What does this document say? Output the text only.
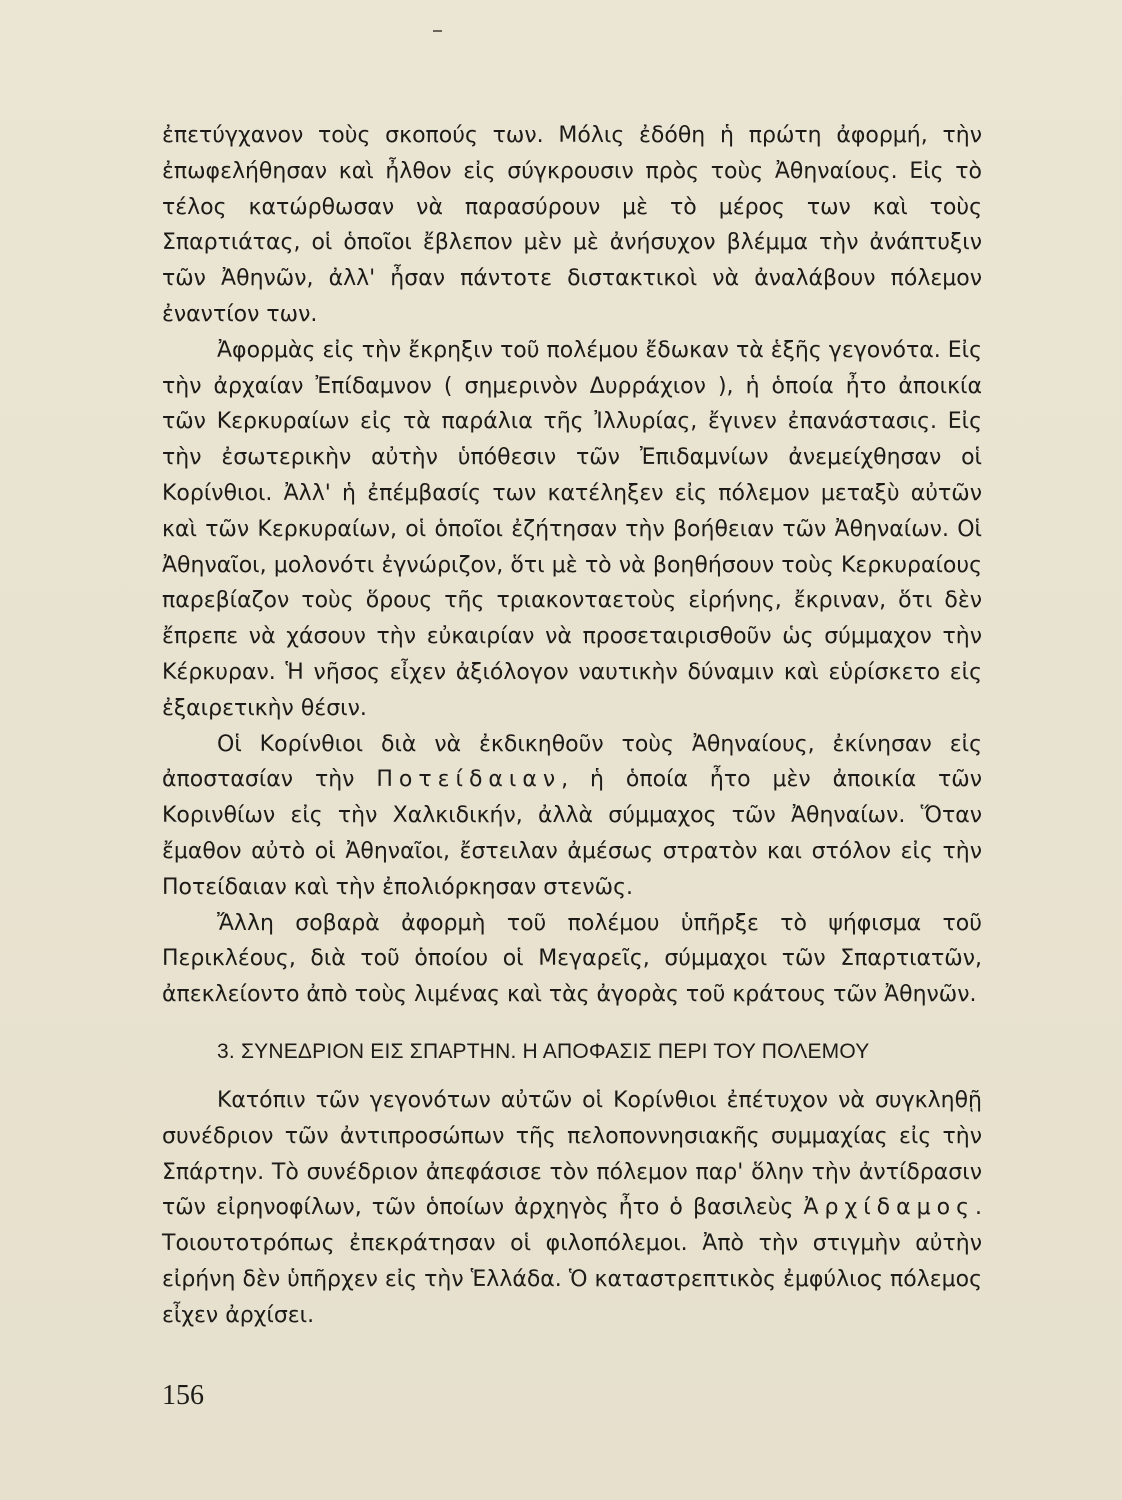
ἐπετύγχανον τοὺς σκοπούς των. Μόλις ἐδόθη ἡ πρώτη ἀφορμή, τὴν ἐπωφελήθησαν καὶ ἦλθον εἰς σύγκρουσιν πρὸς τοὺς Ἀθηναίους. Εἰς τὸ τέλος κατώρθωσαν νὰ παρασύρουν μὲ τὸ μέρος των καὶ τοὺς Σπαρτιάτας, οἱ ὁποῖοι ἔβλεπον μὲν μὲ ἀνήσυχον βλέμμα τὴν ἀνάπτυξιν τῶν Ἀθηνῶν, ἀλλ' ἦσαν πάντοτε διστακτικοὶ νὰ ἀναλάβουν πόλεμον ἐναντίον των.

Ἀφορμὰς εἰς τὴν ἔκρηξιν τοῦ πολέμου ἔδωκαν τὰ ἑξῆς γεγονότα. Εἰς τὴν ἀρχαίαν Ἐπίδαμνον ( σημερινὸν Δυρράχιον ), ἡ ὁποία ἦτο ἀποικία τῶν Κερκυραίων εἰς τὰ παράλια τῆς Ἰλλυρίας, ἔγινεν ἐπανάστασις. Εἰς τὴν ἐσωτερικὴν αὐτὴν ὑπόθεσιν τῶν Ἐπιδαμνίων ἀνεμείχθησαν οἱ Κορίνθιοι. Ἀλλ' ἡ ἐπέμβασίς των κατέληξεν εἰς πόλεμον μεταξὺ αὐτῶν καὶ τῶν Κερκυραίων, οἱ ὁποῖοι ἐζήτησαν τὴν βοήθειαν τῶν Ἀθηναίων. Οἱ Ἀθηναῖοι, μολονότι ἐγνώριζον, ὅτι μὲ τὸ νὰ βοηθήσουν τοὺς Κερκυραίους παρεβίαζον τοὺς ὅρους τῆς τριακονταετοὺς εἰρήνης, ἔκριναν, ὅτι δὲν ἔπρεπε νὰ χάσουν τὴν εὐκαιρίαν νὰ προσεταιρισθοῦν ὡς σύμμαχον τὴν Κέρκυραν. Ἡ νῆσος εἶχεν ἀξιόλογον ναυτικὴν δύναμιν καὶ εὑρίσκετο εἰς ἐξαιρετικὴν θέσιν.

Οἱ Κορίνθιοι διὰ νὰ ἐκδικηθοῦν τοὺς Ἀθηναίους, ἐκίνησαν εἰς ἀποστασίαν τὴν Ποτείδαιαν, ἡ ὁποία ἦτο μὲν ἀποικία τῶν Κορινθίων εἰς τὴν Χαλκιδικήν, ἀλλὰ σύμμαχος τῶν Ἀθηναίων. Ὅταν ἔμαθον αὐτὸ οἱ Ἀθηναῖοι, ἔστειλαν ἀμέσως στρατὸν και στόλον εἰς τὴν Ποτείδαιαν καὶ τὴν ἐπολιόρκησαν στενῶς.

Ἄλλη σοβαρὰ ἀφορμὴ τοῦ πολέμου ὑπῆρξε τὸ ψήφισμα τοῦ Περικλέους, διὰ τοῦ ὁποίου οἱ Μεγαρεῖς, σύμμαχοι τῶν Σπαρτιατῶν, ἀπεκλείοντο ἀπὸ τοὺς λιμένας καὶ τὰς ἀγορὰς τοῦ κράτους τῶν Ἀθηνῶν.

3. ΣΥΝΕΔΡΙΟΝ ΕΙΣ ΣΠΑΡΤΗΝ. Η ΑΠΟΦΑΣΙΣ ΠΕΡΙ ΤΟΥ ΠΟΛΕΜΟΥ

Κατόπιν τῶν γεγονότων αὐτῶν οἱ Κορίνθιοι ἐπέτυχον νὰ συγκληθῇ συνέδριον τῶν ἀντιπροσώπων τῆς πελοποννησιακῆς συμμαχίας εἰς τὴν Σπάρτην. Τὸ συνέδριον ἀπεφάσισε τὸν πόλεμον παρ' ὅλην τὴν ἀντίδρασιν τῶν εἰρηνοφίλων, τῶν ὁποίων ἀρχηγὸς ἦτο ὁ βασιλεὺς Ἀρχίδαμος. Τοιουτοτρόπως ἐπεκράτησαν οἱ φιλοπόλεμοι. Ἀπὸ τὴν στιγμὴν αὐτὴν εἰρήνη δὲν ὑπῆρχεν εἰς τὴν Ἑλλάδα. Ὁ καταστρεπτικὸς ἐμφύλιος πόλεμος εἶχεν ἀρχίσει.

156
